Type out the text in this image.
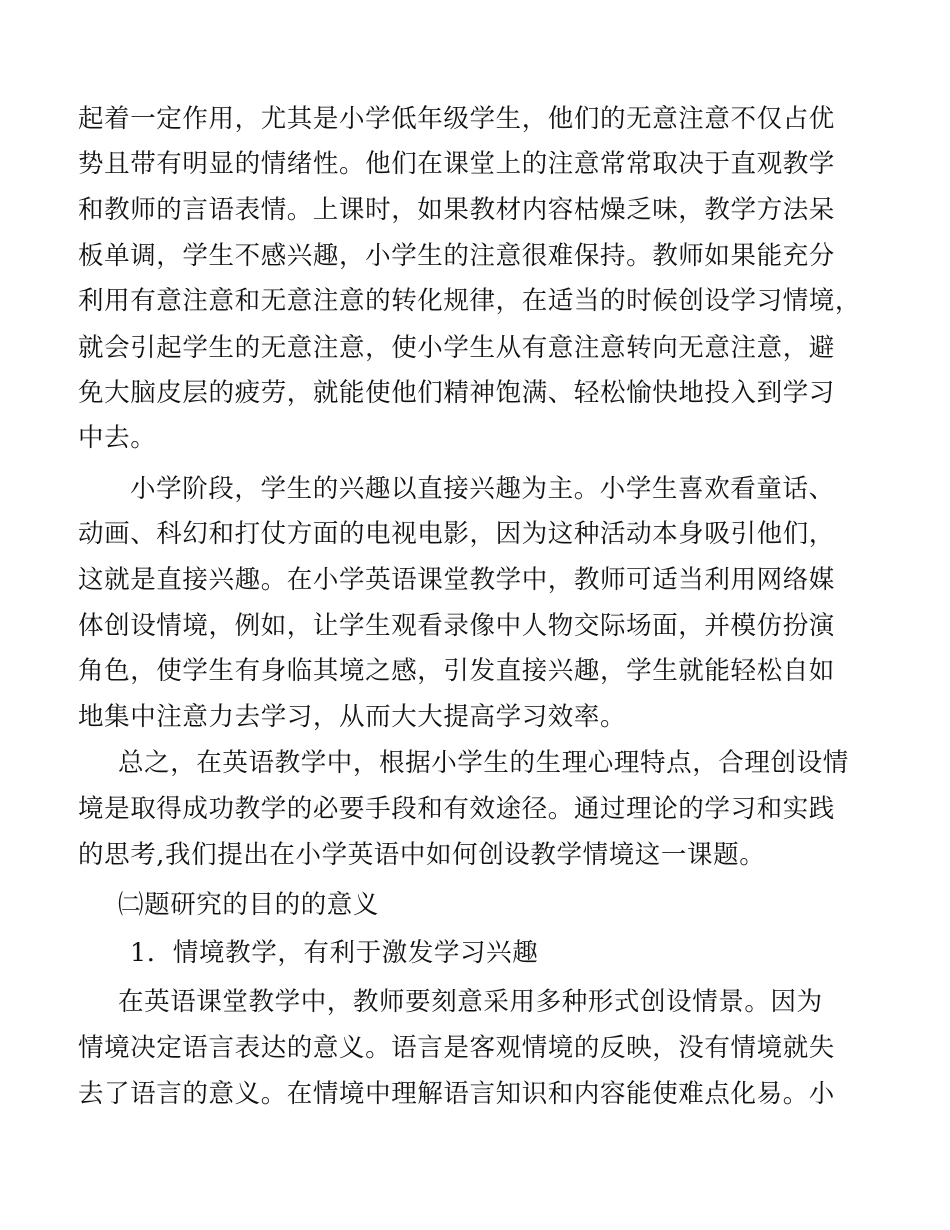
起着一定作用，尤其是小学低年级学生，他们的无意注意不仅占优
势且带有明显的情绪性。他们在课堂上的注意常常取决于直观教学
和教师的言语表情。上课时，如果教材内容枯燥乏味，教学方法呆
板单调，学生不感兴趣，小学生的注意很难保持。教师如果能充分
利用有意注意和无意注意的转化规律，在适当的时候创设学习情境，
就会引起学生的无意注意，使小学生从有意注意转向无意注意，避
免大脑皮层的疲劳，就能使他们精神饱满、轻松愉快地投入到学习
中去。
小学阶段，学生的兴趣以直接兴趣为主。小学生喜欢看童话、
动画、科幻和打仗方面的电视电影，因为这种活动本身吸引他们，
这就是直接兴趣。在小学英语课堂教学中，教师可适当利用网络媒
体创设情境，例如，让学生观看录像中人物交际场面，并模仿扮演
角色，使学生有身临其境之感，引发直接兴趣，学生就能轻松自如
地集中注意力去学习，从而大大提高学习效率。
总之，在英语教学中，根据小学生的生理心理特点，合理创设情
境是取得成功教学的必要手段和有效途径。通过理论的学习和实践
的思考,我们提出在小学英语中如何创设教学情境这一课题。
㈡题研究的目的的意义
1．情境教学，有利于激发学习兴趣
在英语课堂教学中，教师要刻意采用多种形式创设情景。因为
情境决定语言表达的意义。语言是客观情境的反映，没有情境就失
去了语言的意义。在情境中理解语言知识和内容能使难点化易。小
